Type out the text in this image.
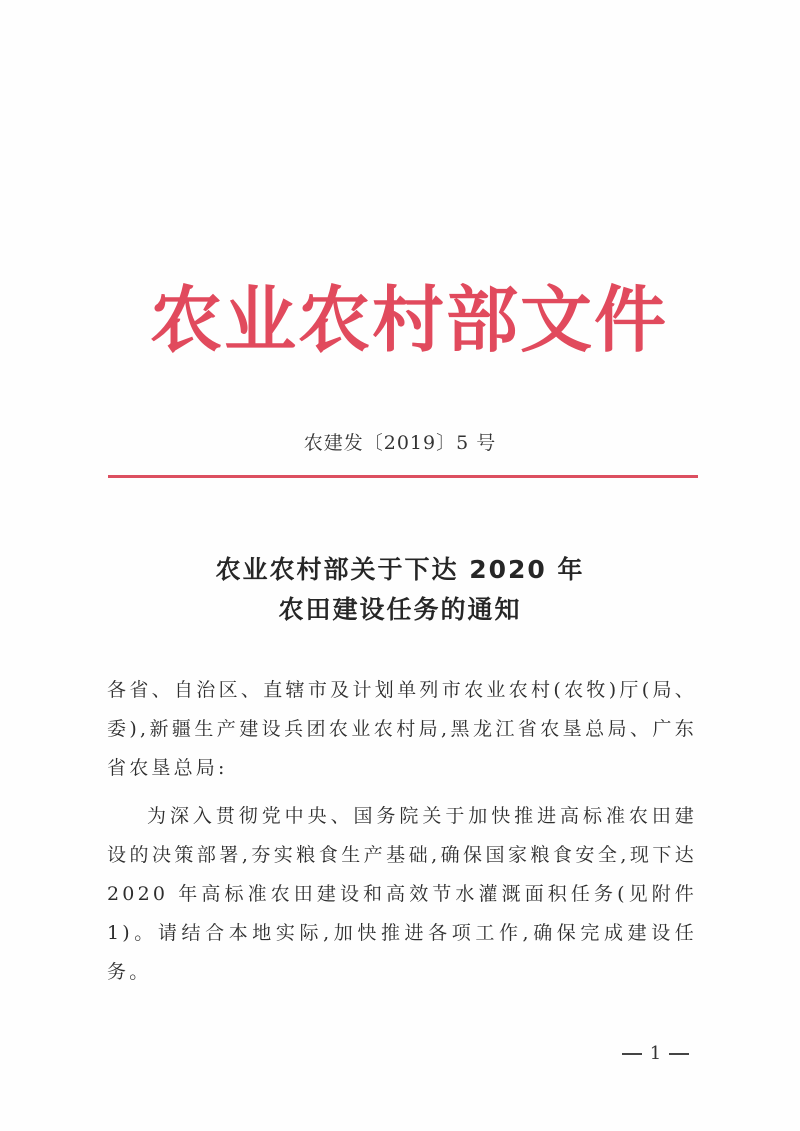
农业农村部文件
农建发〔2019〕5 号
农业农村部关于下达 2020 年
农田建设任务的通知
各省、自治区、直辖市及计划单列市农业农村(农牧)厅(局、委),新疆生产建设兵团农业农村局,黑龙江省农垦总局、广东省农垦总局:
为深入贯彻党中央、国务院关于加快推进高标准农田建设的决策部署,夯实粮食生产基础,确保国家粮食安全,现下达 2020 年高标准农田建设和高效节水灌溉面积任务(见附件 1)。请结合本地实际,加快推进各项工作,确保完成建设任务。
1
